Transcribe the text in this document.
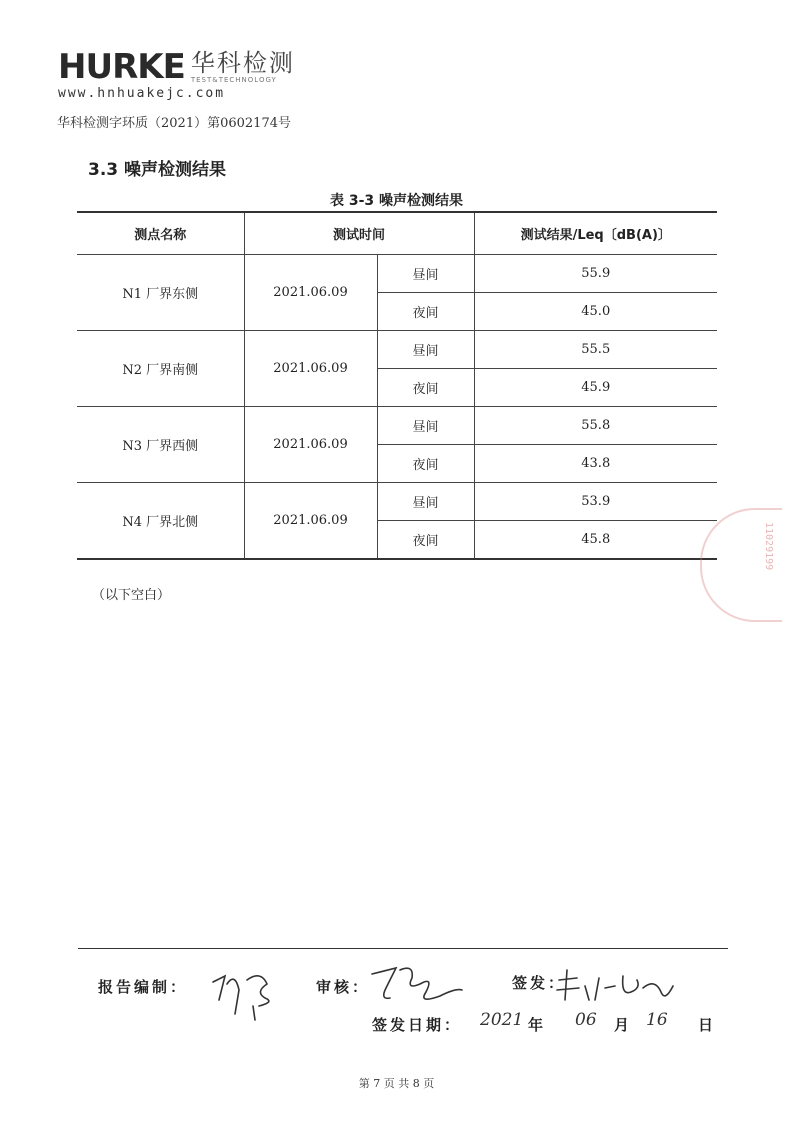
HURKE 华科检测
TEST&TECHNOLOGY
www.hnhuakejc.com
华科检测字环质（2021）第0602174号
3.3 噪声检测结果
表 3-3 噪声检测结果
测点名称	测试时间		测试结果/Leq〔dB(A)〕
N1 厂界东侧	2021.06.09	昼间	55.9
		夜间	45.0
N2 厂界南侧	2021.06.09	昼间	55.5
		夜间	45.9
N3 厂界西侧	2021.06.09	昼间	55.8
		夜间	43.8
N4 厂界北侧	2021.06.09	昼间	53.9
		夜间	45.8
（以下空白）
11029199
报告编制：	审核：	签发：
签发日期： 2021 年 06 月 16 日
第 7 页 共 8 页
